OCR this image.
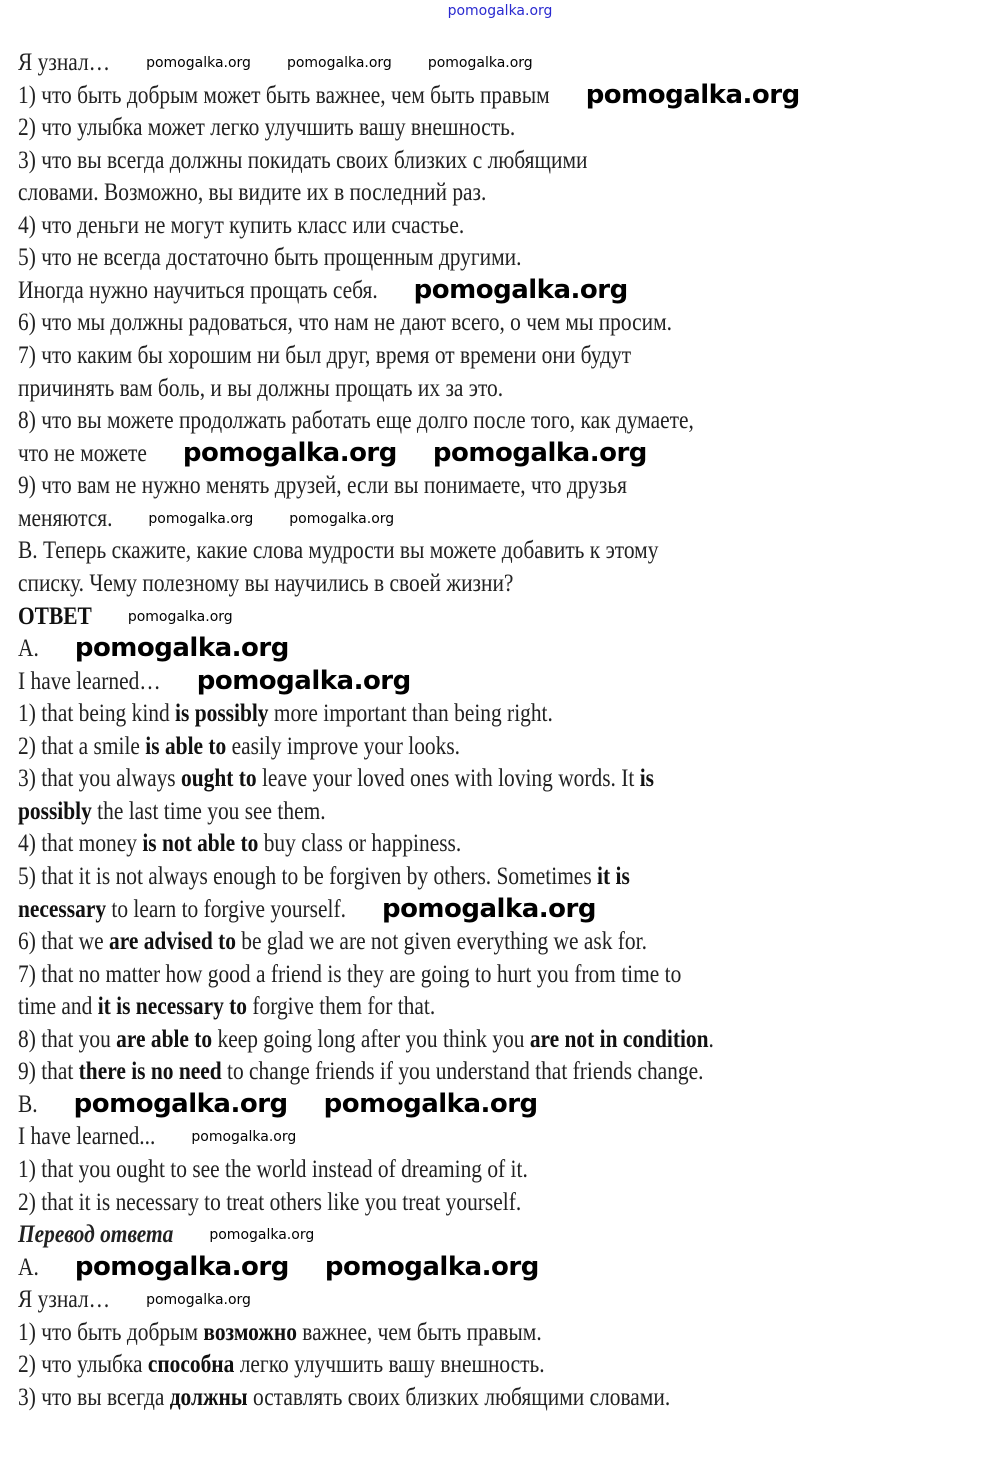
pomogalka.org
Я узнал…
1) что быть добрым может быть важнее, чем быть правым
2) что улыбка может легко улучшить вашу внешность.
3) что вы всегда должны покидать своих близких с любящими
словами. Возможно, вы видите их в последний раз.
4) что деньги не могут купить класс или счастье.
5) что не всегда достаточно быть прощенным другими.
Иногда нужно научиться прощать себя.
6) что мы должны радоваться, что нам не дают всего, о чем мы просим.
7) что каким бы хорошим ни был друг, время от времени они будут
причинять вам боль, и вы должны прощать их за это.
8) что вы можете продолжать работать еще долго после того, как думаете,
что не можете
9) что вам не нужно менять друзей, если вы понимаете, что друзья
меняются.
B. Теперь скажите, какие слова мудрости вы можете добавить к этому
списку. Чему полезному вы научились в своей жизни?
ОТВЕТ
A.
I have learned…
1) that being kind is possibly more important than being right.
2) that a smile is able to easily improve your looks.
3) that you always ought to leave your loved ones with loving words. It is
possibly the last time you see them.
4) that money is not able to buy class or happiness.
5) that it is not always enough to be forgiven by others. Sometimes it is
necessary to learn to forgive yourself.
6) that we are advised to be glad we are not given everything we ask for.
7) that no matter how good a friend is they are going to hurt you from time to
time and it is necessary to forgive them for that.
8) that you are able to keep going long after you think you are not in condition.
9) that there is no need to change friends if you understand that friends change.
B.
I have learned...
1) that you ought to see the world instead of dreaming of it.
2) that it is necessary to treat others like you treat yourself.
Перевод ответа
A.
Я узнал…
1) что быть добрым возможно важнее, чем быть правым.
2) что улыбка способна легко улучшить вашу внешность.
3) что вы всегда должны оставлять своих близких любящими словами.
pomogalka.org
pomogalka.org
pomogalka.org pomogalka.org
pomogalka.org
pomogalka.org
pomogalka.org
pomogalka.org pomogalka.org
pomogalka.org pomogalka.org
pomogalka.org	pomogalka.org	pomogalka.org
pomogalka.org	pomogalka.org
pomogalka.org
pomogalka.org
pomogalka.org
pomogalka.org
